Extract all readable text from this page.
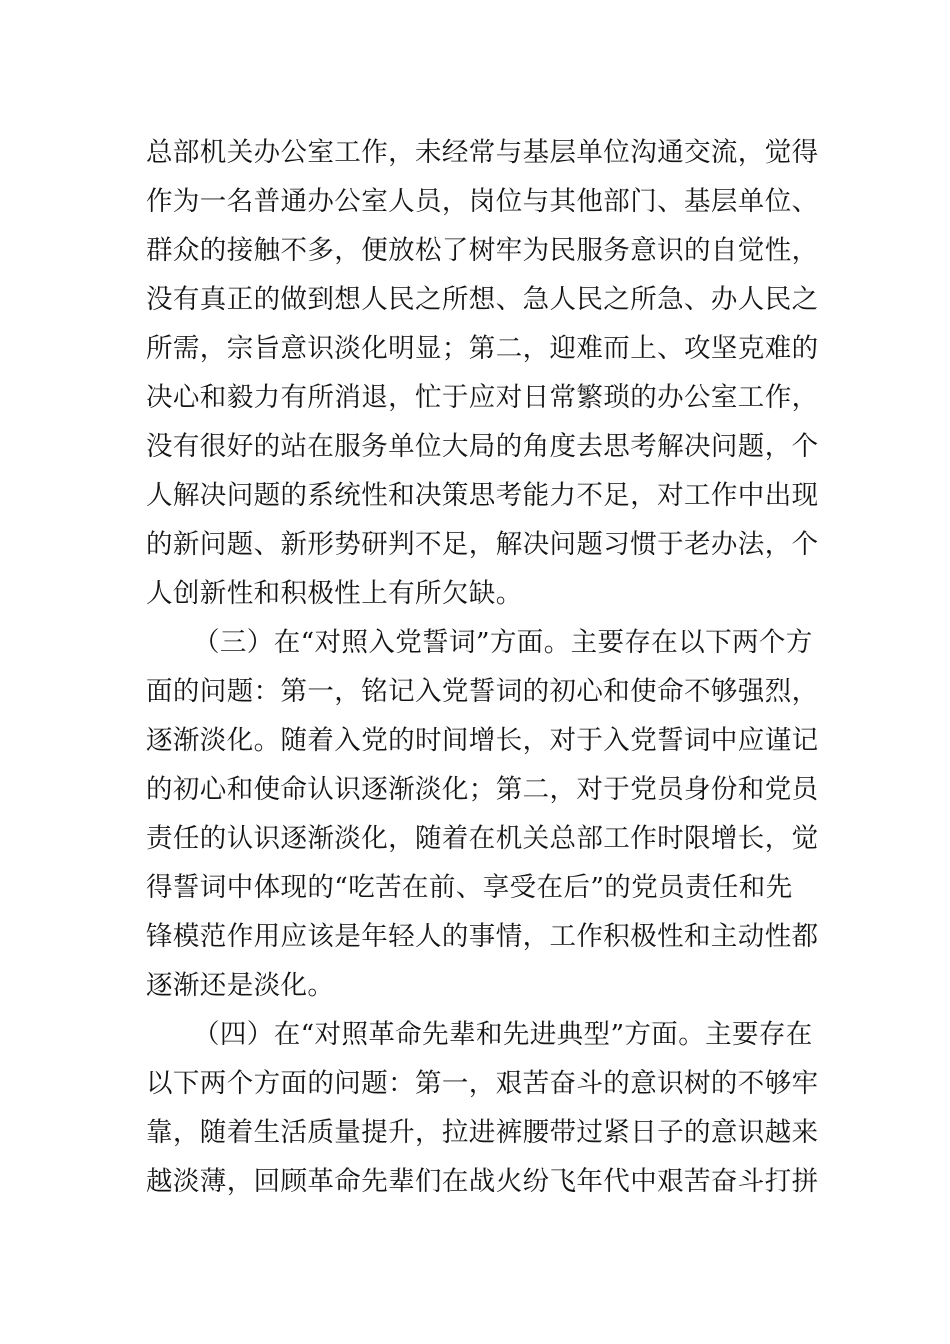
总部机关办公室工作，未经常与基层单位沟通交流，觉得
作为一名普通办公室人员，岗位与其他部门、基层单位、
群众的接触不多，便放松了树牢为民服务意识的自觉性，
没有真正的做到想人民之所想、急人民之所急、办人民之
所需，宗旨意识淡化明显；第二，迎难而上、攻坚克难的
决心和毅力有所消退，忙于应对日常繁琐的办公室工作，
没有很好的站在服务单位大局的角度去思考解决问题，个
人解决问题的系统性和决策思考能力不足，对工作中出现
的新问题、新形势研判不足，解决问题习惯于老办法，个
人创新性和积极性上有所欠缺。
（三）在“对照入党誓词”方面。主要存在以下两个方
面的问题：第一，铭记入党誓词的初心和使命不够强烈，
逐渐淡化。随着入党的时间增长，对于入党誓词中应谨记
的初心和使命认识逐渐淡化；第二，对于党员身份和党员
责任的认识逐渐淡化，随着在机关总部工作时限增长，觉
得誓词中体现的“吃苦在前、享受在后”的党员责任和先
锋模范作用应该是年轻人的事情，工作积极性和主动性都
逐渐还是淡化。
（四）在“对照革命先辈和先进典型”方面。主要存在
以下两个方面的问题：第一，艰苦奋斗的意识树的不够牢
靠，随着生活质量提升，拉进裤腰带过紧日子的意识越来
越淡薄，回顾革命先辈们在战火纷飞年代中艰苦奋斗打拼
